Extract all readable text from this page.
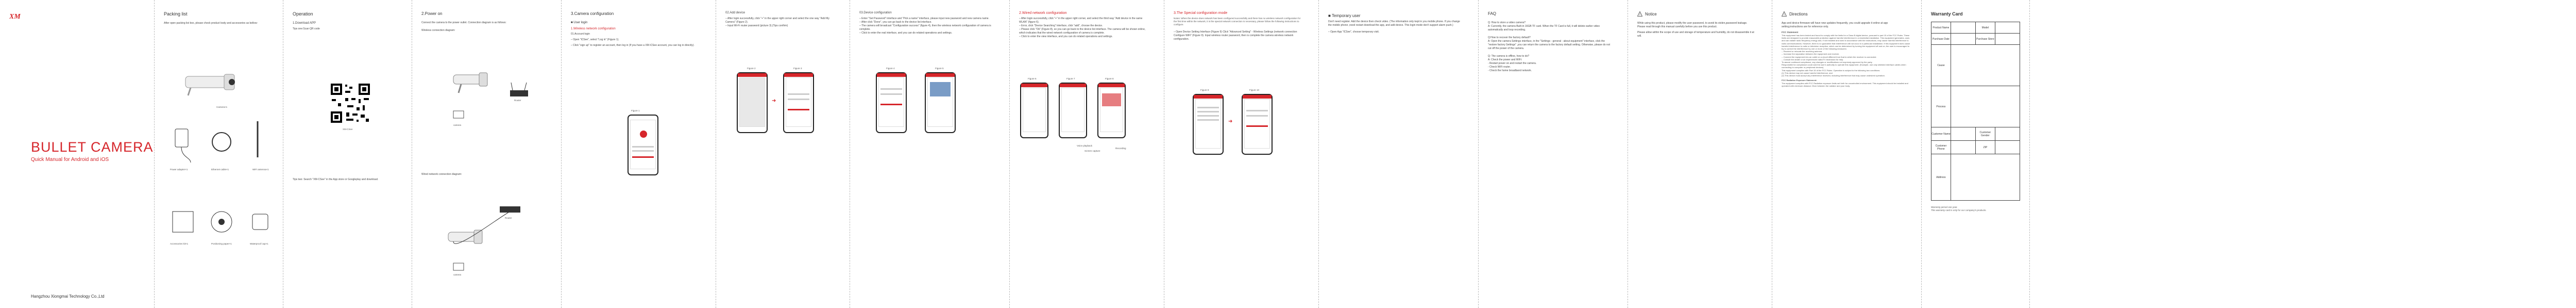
XM
BULLET CAMERA
Quick Manual for Android and iOS
Hangzhou Xiongmai Technology Co.,Ltd
Packing list
After open packing list box, please check product body and accessories as bellow:
Camera×1
Power adapter×1	Ethernet cable×1	WiFi antenna×1
Accessories kit×1	Positioning paper×1	Waterproof cap×1
Operation
1.Download APP
Tips one:Scan QR code
XM-CSee
Tips two: Search "XM-CSee" in the App store or Googleplay and download.
2.Power on
Connect the camera to the power outlet. Connection diagram is as follows:
Wireless connection diagram:
Router
camera
Wired network connection diagram:
Router
camera
3.Camera configuration
■ User login
1.Wireless network configuration
01.Account login
– Open "iCSee", select "Log in" (Figure 1).
– Click "sign up" to register an account, then log in (If you have a XM iCSee account, you can log in directly).
Figure 1
02.Add device
– After login successfully, click "+" in the upper right corner and select the one way "Add My Camera" (Figure 2).
– Input Wi-Fi router password (picture 3).(Tips confirm)
Figure 2	Figure 3
➜
03.Device configuration
– Enter "Set Password" interface and "Pick a name" interface, please input new password and new camera name.
– After click "Done", you can go back to the device list interface.
– The camera will broadcast "Configuration success" (figure 4), then the wireless network configuration of camera is complete.
– Click to enter the real interface, and you can do related operations and settings.
Figure 4	Figure 5
2.Wired network configuration
– After login successfully, click "+" in the upper right corner, and select the third way "Add device in the same WLAN" (figure 6).
– Error, click "Device Searching" interface, click "add", choose the device.
– Please click "Ok" (Figure 8), so you can go back to the device list interface. The camera will be shown online, which indicates that the wired network configuration of camera is complete.
– Click to enter the view interface, and you can do related operations and settings.
Figure 6	Figure 7	Figure 8
Voice playback
Screen capture
Recording
3.The Special configuration mode
Notes: When the device does network has been configured successfully and there has no wireless network configuration for the first time within the network, it is the special network connection is necessary, please follow the following instructions to configure.
– Open Device Setting Interface (Figure 9) Click "Advanced Setting" - Wireless Settings (network connection Configure WiFi" (Figure 9). Input wireless router password, then is complete the camera wireless network configuration.
Figure 9	Figure 10
➜
■ Temporary user
Don't need register. Add the device then check video. (The information only kept in you mobile phone. If you change the mobile phone ,need restart download the app, and add device. This login mode don't support alarm push.)
– Open App "iCSee", choose temporary visit.
FAQ
Q: How to store a video camera?
A: Currently, the camera Built-in 16GB TF card. When the TF Card is full, it will delete earlier video automatically and loop recording.
Q:How to recover the factory default?
A: Open the camera Settings interface, in the "Settings - general - about equipment" interface, click the "restore factory Settings" ,you can return the camera to the factory default setting. Otherwise, please do not cut off the power of the camera.
Q: The camera is offline, how to do?
A: Check the power and WiFi:
- Restart power on and restart the camera.
- Check WiFi router.
- Check the home broadband network.
! Notice
While using this product, please modify the user password, to avoid its stolen,password leakage.
Please read through this manual carefully before you use this product.
Please allow within the scope of use and storage of temperature and humidity, do not disassemble it at will.
! Directions
App and device firmware will have new updates frequently, you could upgrade it online at app setting,instructions are for reference only.
FCC Statement
This equipment has been tested and found to comply with the limits for a Class B digital device, pursuant to part 15 of the FCC Rules. These limits are designed to provide reasonable protection against harmful interference in a residential installation. This equipment generates, uses and can radiate radio frequency energy and, if not installed and used in accordance with the instructions, may cause harmful interference to radio communications. However, there is no guarantee that interference will not occur in a particular installation. If this equipment does cause harmful interference to radio or television reception, which can be determined by turning the equipment off and on, the user is encouraged to try to correct the interference by one or more of the following measures:
-- Reorient or relocate the receiving antenna.
-- Increase the separation between the equipment and receiver.
-- Connect the equipment into an outlet on a circuit different from that to which the receiver is connected.
-- Consult the dealer or an experienced radio/TV technician for help.
To assure continued compliance, any changes or modifications not expressly approved by the party.
Responsible for compliance could void the user's authority to operate this equipment. (Example- use only shielded interface cables when connecting to computer or peripheral devices).
This equipment complies with Part 15 of the FCC Rules. Operation is subject to the following two conditions:
(1) This device may not cause harmful interference, and
(2) This device must accept any interference received, including interference that may cause undesired operation.
FCC Radiation Exposure Statement:
The equipment complies with FCC Radiation exposure limits set forth for uncontrolled environment. This equipment should be installed and operated with minimum distance 20cm between the radiator and your body.
Warranty Card
Product Name		Model	
Purchase Date		Purchase Store	
Cause			
Process			
Customer Name		Customer Gender	
Customer Phone		ZIP	
Address			
Warranty period one year.
This warranty card is only for our company's products.
